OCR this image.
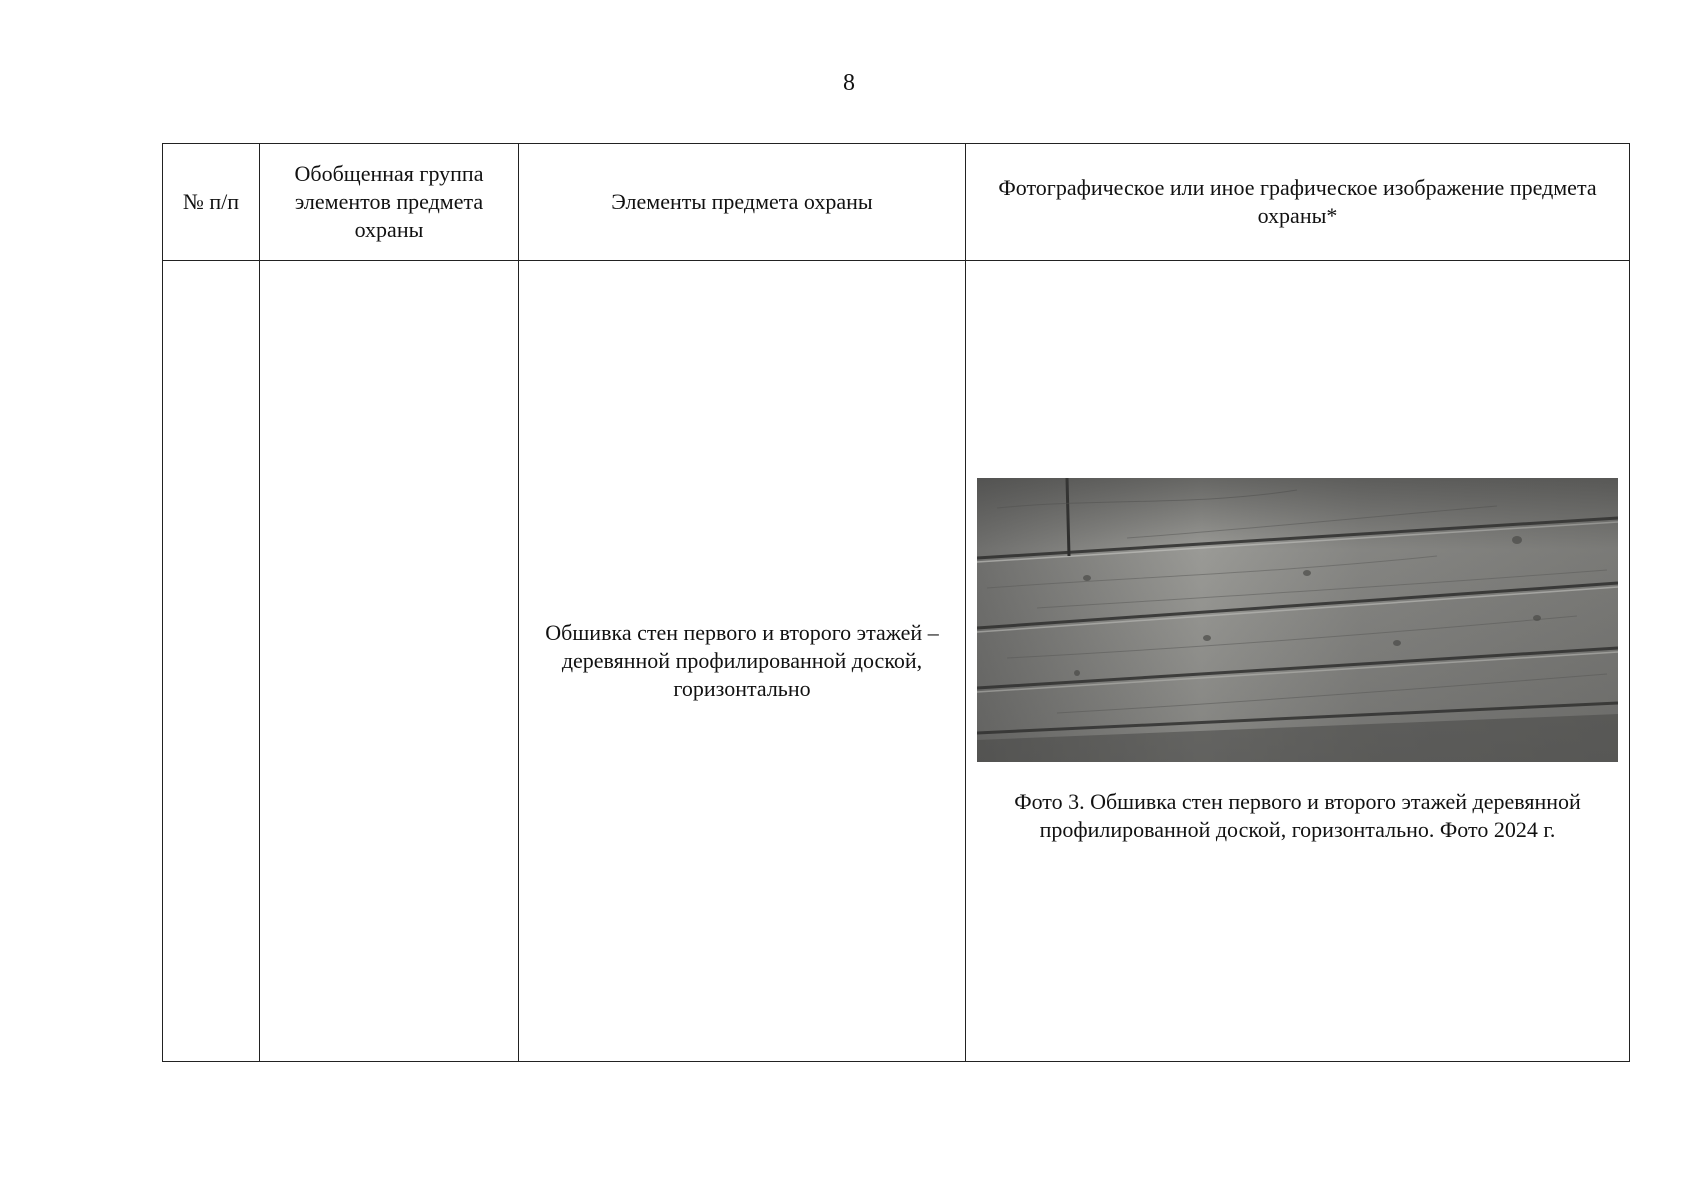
8
№ п/п	Обобщенная группа элементов предмета охраны	Элементы предмета охраны	Фотографическое или иное графическое изображение предмета охраны*
		Обшивка стен первого и второго этажей – деревянной профилированной доской, горизонтально	Фото 3. Обшивка стен первого и второго этажей деревянной профилированной доской, горизонтально. Фото 2024 г.
